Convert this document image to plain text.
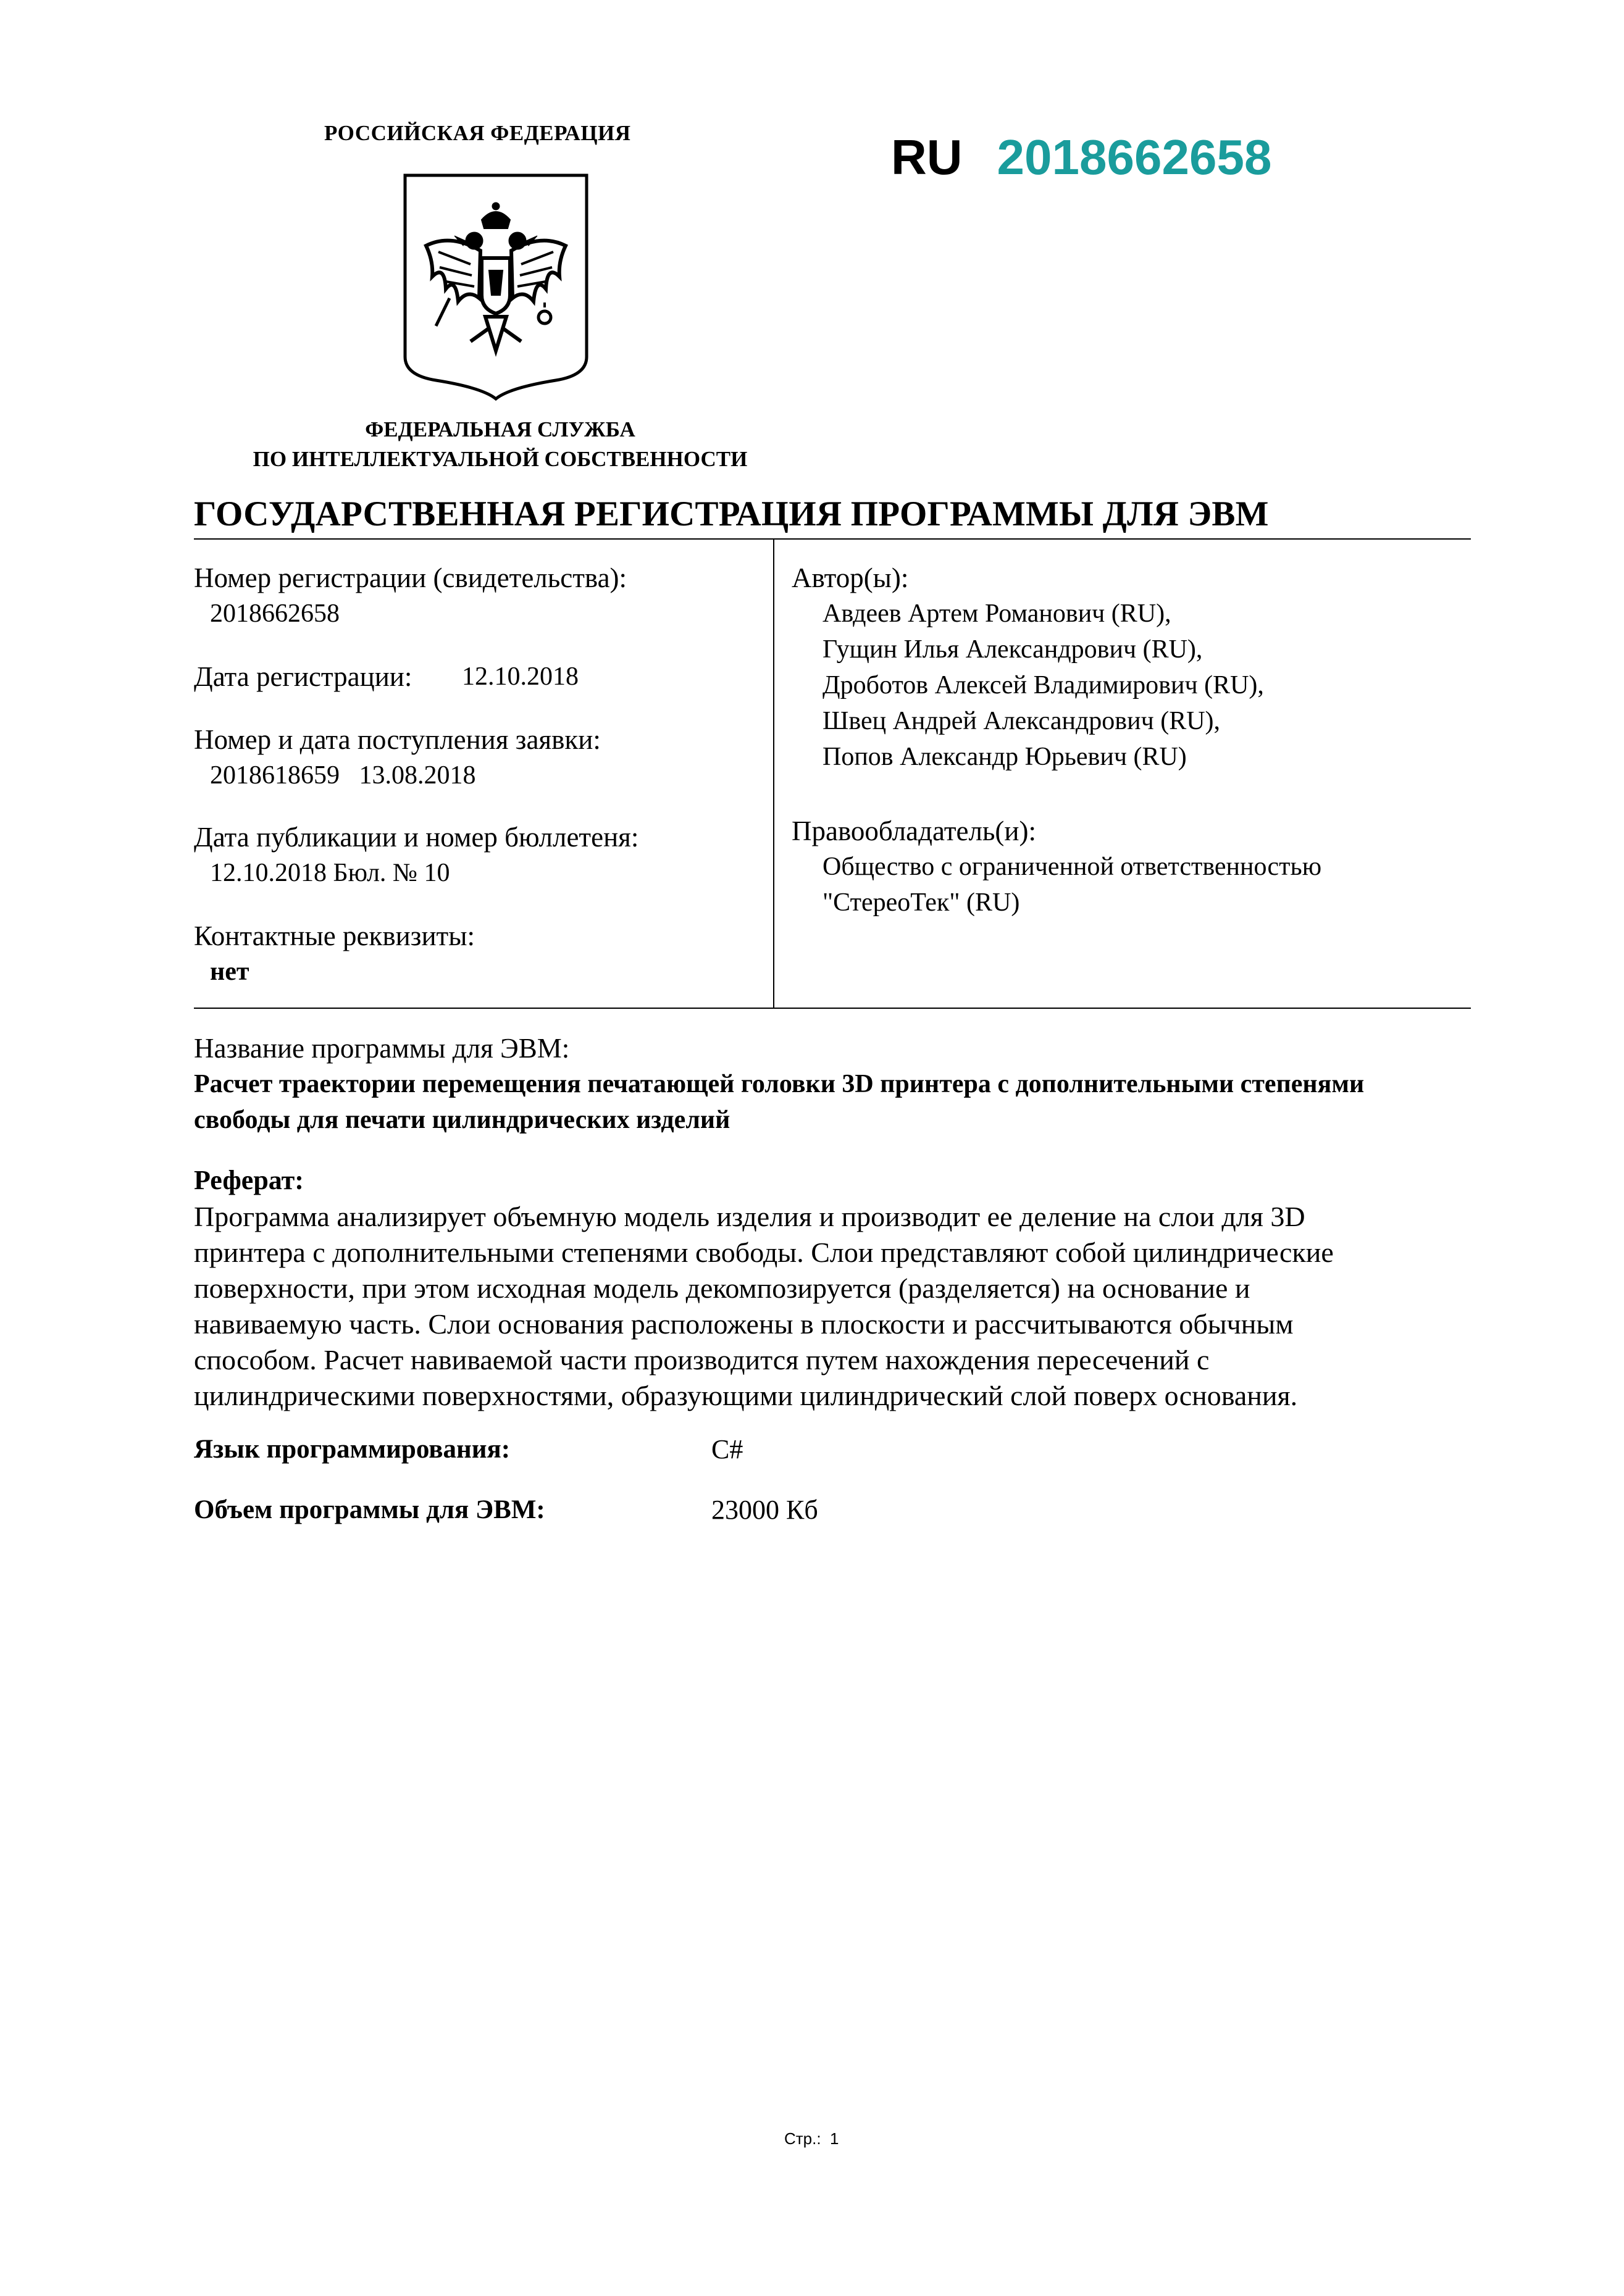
РОССИЙСКАЯ ФЕДЕРАЦИЯ
ФЕДЕРАЛЬНАЯ СЛУЖБА
ПО ИНТЕЛЛЕКТУАЛЬНОЙ СОБСТВЕННОСТИ
RU 2018662658
ГОСУДАРСТВЕННАЯ РЕГИСТРАЦИЯ ПРОГРАММЫ ДЛЯ ЭВМ
Номер регистрации (свидетельства):
2018662658
Дата регистрации: 12.10.2018
Номер и дата поступления заявки:
2018618659 13.08.2018
Дата публикации и номер бюллетеня:
12.10.2018 Бюл. № 10
Контактные реквизиты:
нет
Автор(ы):
Авдеев Артем Романович (RU),
Гущин Илья Александрович (RU),
Дроботов Алексей Владимирович (RU),
Швец Андрей Александрович (RU),
Попов Александр Юрьевич (RU)
Правообладатель(и):
Общество с ограниченной ответственностью
"СтереоТек" (RU)
Название программы для ЭВМ:
Расчет траектории перемещения печатающей головки 3D принтера с дополнительными степенями
свободы для печати цилиндрических изделий
Реферат:
Программа анализирует объемную модель изделия и производит ее деление на слои для 3D
принтера с дополнительными степенями свободы. Слои представляют собой цилиндрические
поверхности, при этом исходная модель декомпозируется (разделяется) на основание и
навиваемую часть. Слои основания расположены в плоскости и рассчитываются обычным
способом. Расчет навиваемой части производится путем нахождения пересечений с
цилиндрическими поверхностями, образующими цилиндрический слой поверх основания.
Язык программирования:	C#
Объем программы для ЭВМ:	23000 Кб
Стр.: 1
